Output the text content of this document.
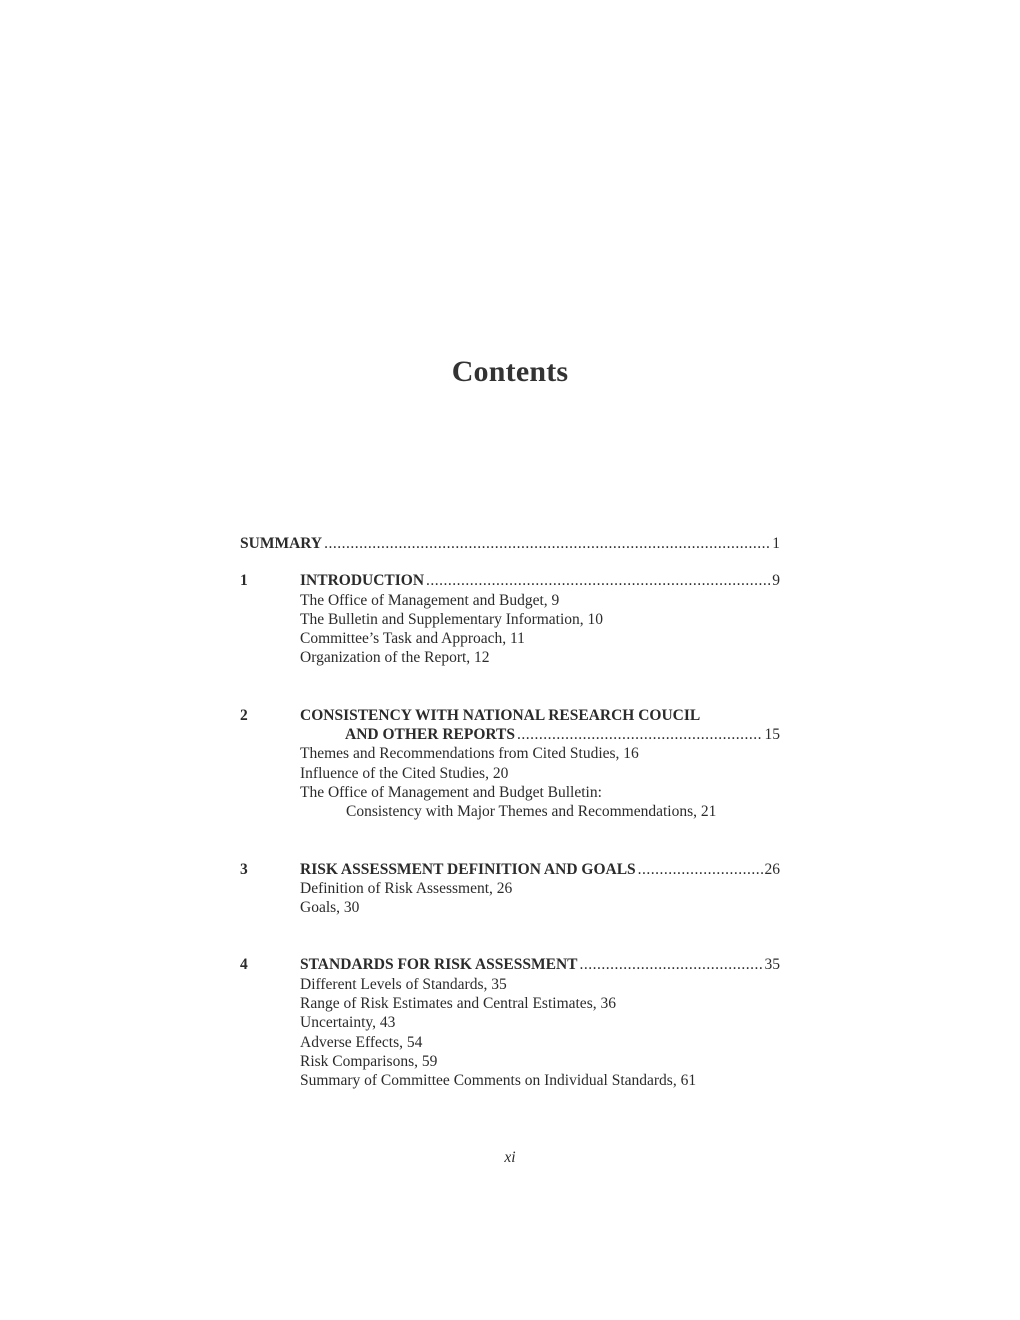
Contents
SUMMARY .....	1
1	INTRODUCTION .....	9
The Office of Management and Budget, 9
The Bulletin and Supplementary Information, 10
Committee’s Task and Approach, 11
Organization of the Report, 12
2	CONSISTENCY WITH NATIONAL RESEARCH COUCIL
AND OTHER REPORTS .....	15
Themes and Recommendations from Cited Studies, 16
Influence of the Cited Studies, 20
The Office of Management and Budget Bulletin:
Consistency with Major Themes and Recommendations, 21
3	RISK ASSESSMENT DEFINITION AND GOALS .....	26
Definition of Risk Assessment, 26
Goals, 30
4	STANDARDS FOR RISK ASSESSMENT .....	35
Different Levels of Standards, 35
Range of Risk Estimates and Central Estimates, 36
Uncertainty, 43
Adverse Effects, 54
Risk Comparisons, 59
Summary of Committee Comments on Individual Standards, 61
xi
